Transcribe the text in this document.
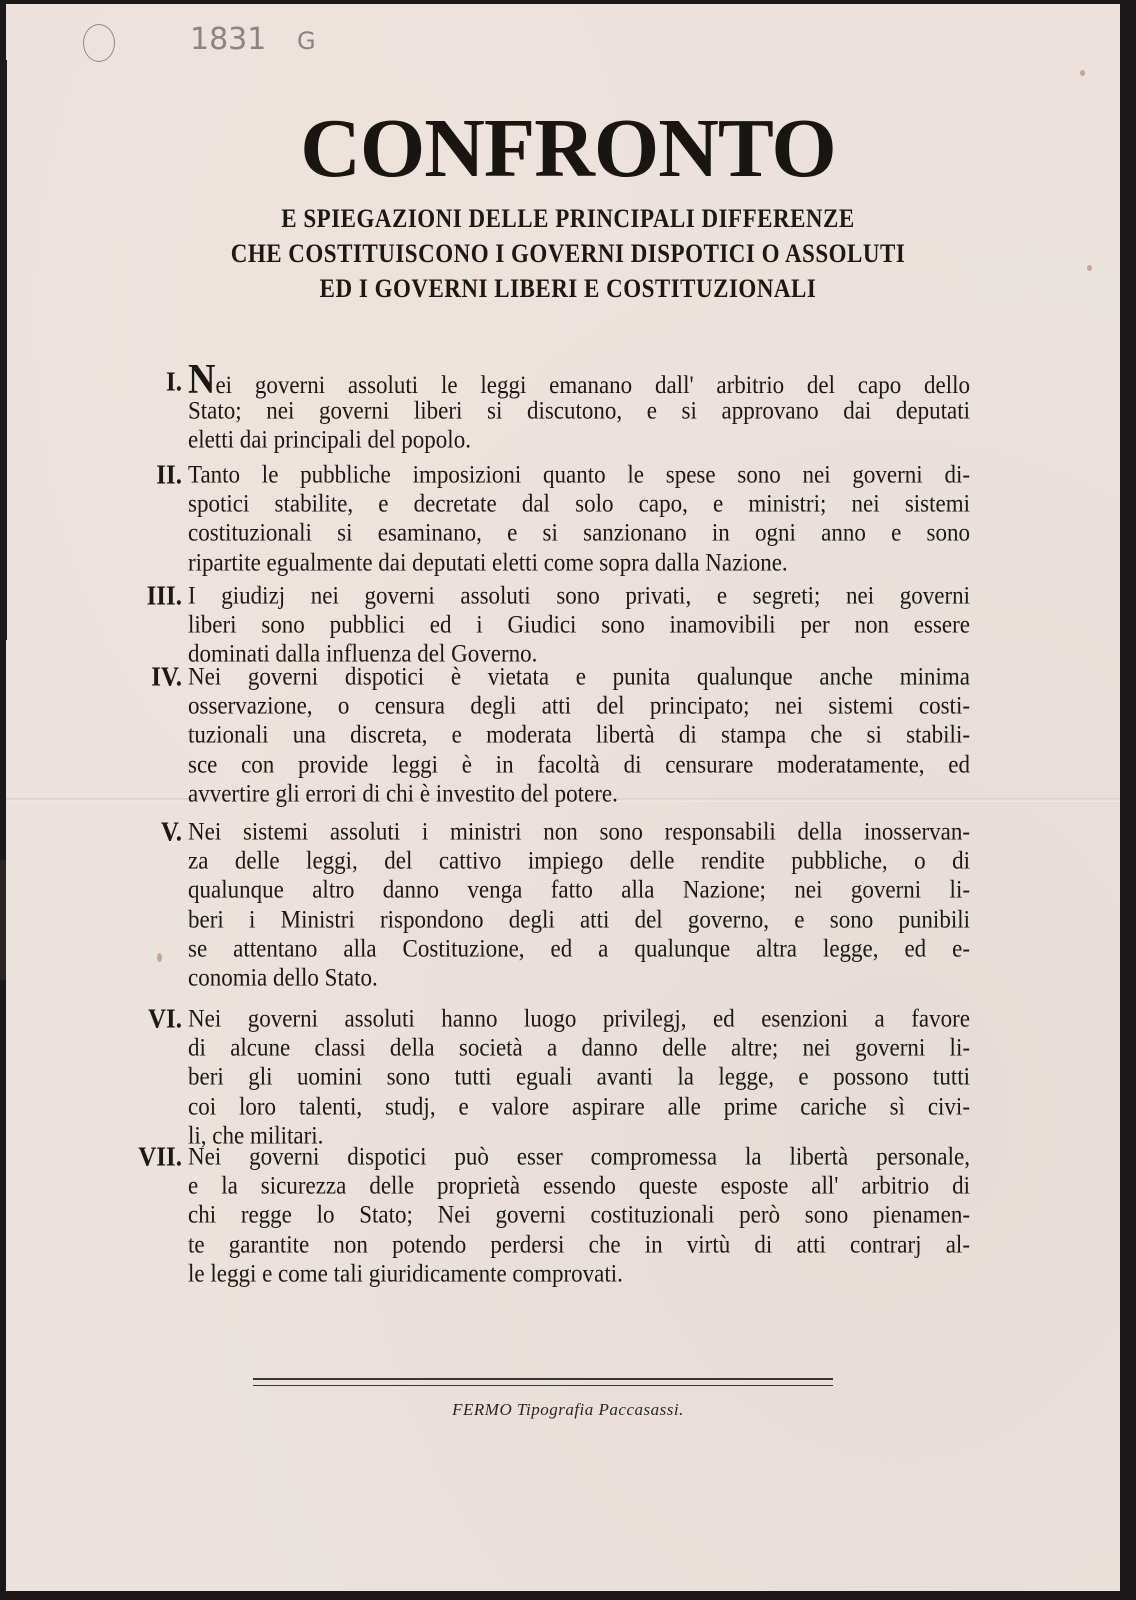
1831 G
CONFRONTO
E SPIEGAZIONI DELLE PRINCIPALI DIFFERENZE
CHE COSTITUISCONO I GOVERNI DISPOTICI O ASSOLUTI
ED I GOVERNI LIBERI E COSTITUZIONALI
I. Nei governi assoluti le leggi emanano dall' arbitrio del capo dello
Stato; nei governi liberi si discutono, e si approvano dai deputati
eletti dai principali del popolo.
II. Tanto le pubbliche imposizioni quanto le spese sono nei governi di-
spotici stabilite, e decretate dal solo capo, e ministri; nei sistemi
costituzionali si esaminano, e si sanzionano in ogni anno e sono
ripartite egualmente dai deputati eletti come sopra dalla Nazione.
III. I giudizj nei governi assoluti sono privati, e segreti; nei governi
liberi sono pubblici ed i Giudici sono inamovibili per non essere
dominati dalla influenza del Governo.
IV. Nei governi dispotici è vietata e punita qualunque anche minima
osservazione, o censura degli atti del principato; nei sistemi costi-
tuzionali una discreta, e moderata libertà di stampa che si stabili-
sce con provide leggi è in facoltà di censurare moderatamente, ed
avvertire gli errori di chi è investito del potere.
V. Nei sistemi assoluti i ministri non sono responsabili della inosservan-
za delle leggi, del cattivo impiego delle rendite pubbliche, o di
qualunque altro danno venga fatto alla Nazione; nei governi li-
beri i Ministri rispondono degli atti del governo, e sono punibili
se attentano alla Costituzione, ed a qualunque altra legge, ed e-
conomia dello Stato.
VI. Nei governi assoluti hanno luogo privilegj, ed esenzioni a favore
di alcune classi della società a danno delle altre; nei governi li-
beri gli uomini sono tutti eguali avanti la legge, e possono tutti
coi loro talenti, studj, e valore aspirare alle prime cariche sì civi-
li, che militari.
VII. Nei governi dispotici può esser compromessa la libertà personale,
e la sicurezza delle proprietà essendo queste esposte all' arbitrio di
chi regge lo Stato; Nei governi costituzionali però sono pienamen-
te garantite non potendo perdersi che in virtù di atti contrarj al-
le leggi e come tali giuridicamente comprovati.
FERMO Tipografia Paccasassi.
